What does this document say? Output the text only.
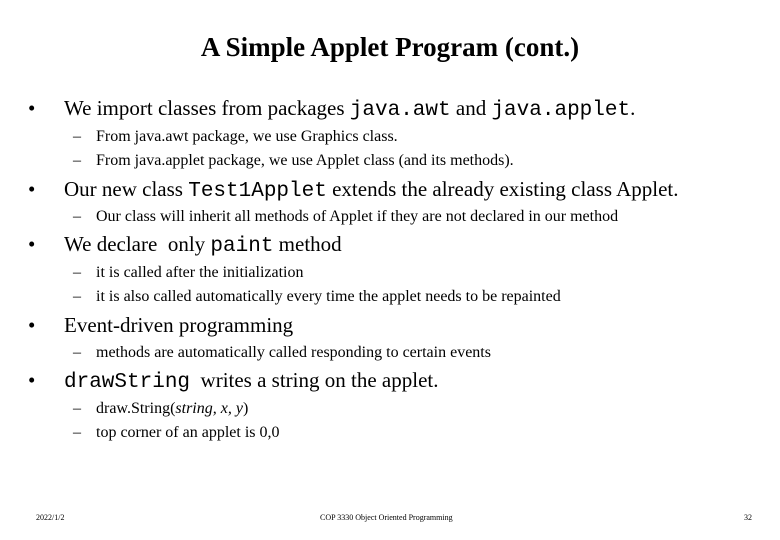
A Simple Applet Program (cont.)
• We import classes from packages java.awt and java.applet.
– From java.awt package, we use Graphics class.
– From java.applet package, we use Applet class (and its methods).
• Our new class Test1Applet extends the already existing class Applet.
– Our class will inherit all methods of Applet if they are not declared in our method
• We declare  only paint method
– it is called after the initialization
– it is also called automatically every time the applet needs to be repainted
• Event-driven programming
– methods are automatically called responding to certain events
• drawString  writes a string on the applet.
– draw.String(string, x, y)
– top corner of an applet is 0,0
2022/1/2	COP 3330 Object Oriented Programming	32
